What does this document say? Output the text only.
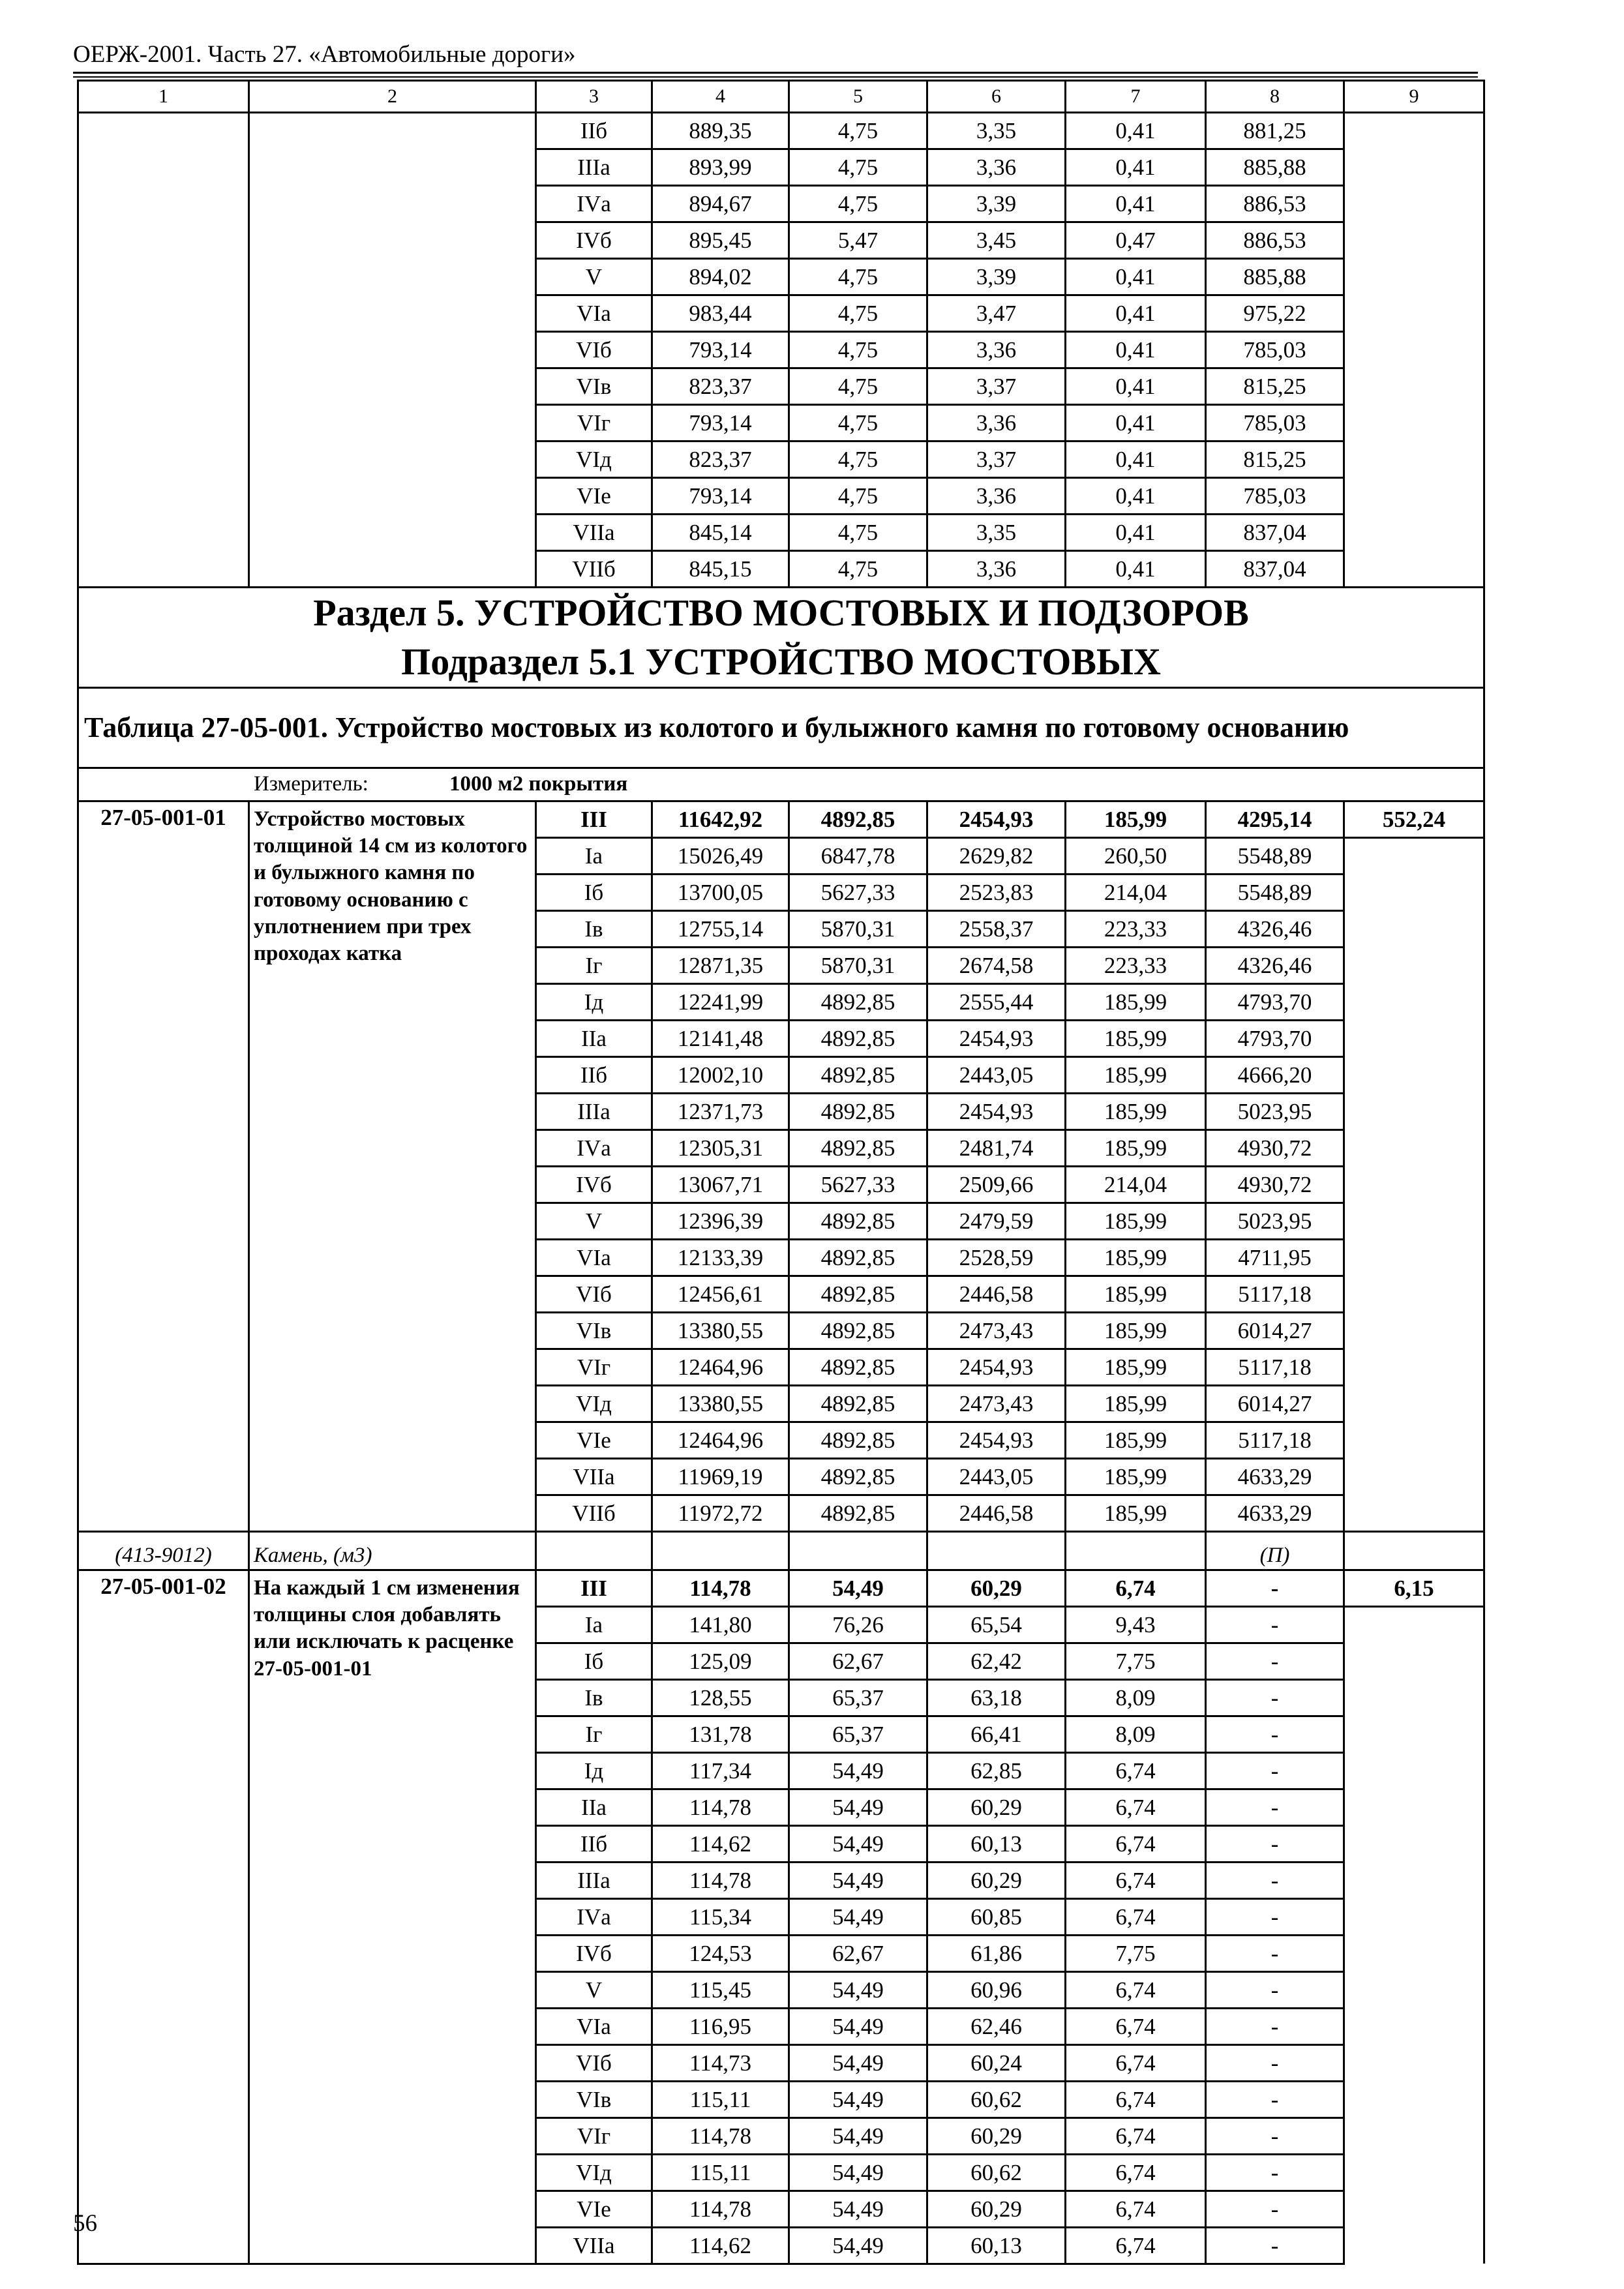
ОЕРЖ-2001. Часть 27. «Автомобильные дороги»
1	2	3	4	5	6	7	8	9
		IIб	889,35	4,75	3,35	0,41	881,25	
		IIIа	893,99	4,75	3,36	0,41	885,88	
		IVа	894,67	4,75	3,39	0,41	886,53	
		IVб	895,45	5,47	3,45	0,47	886,53	
		V	894,02	4,75	3,39	0,41	885,88	
		VIа	983,44	4,75	3,47	0,41	975,22	
		VIб	793,14	4,75	3,36	0,41	785,03	
		VIв	823,37	4,75	3,37	0,41	815,25	
		VIг	793,14	4,75	3,36	0,41	785,03	
		VIд	823,37	4,75	3,37	0,41	815,25	
		VIе	793,14	4,75	3,36	0,41	785,03	
		VIIа	845,14	4,75	3,35	0,41	837,04	
		VIIб	845,15	4,75	3,36	0,41	837,04	

Раздел 5. УСТРОЙСТВО МОСТОВЫХ И ПОДЗОРОВ
Подраздел 5.1 УСТРОЙСТВО МОСТОВЫХ								

Таблица 27-05-001. Устройство мостовых из колотого и булыжного камня по готовому основанию								
Измеритель: 1000 м2 покрытия								
27-05-001-01	Устройство мостовых толщиной 14 см из колотого и булыжного камня по готовому основанию с уплотнением при трех проходах катка	III	11642,92	4892,85	2454,93	185,99	4295,14	552,24
		Iа	15026,49	6847,78	2629,82	260,50	5548,89	
		Iб	13700,05	5627,33	2523,83	214,04	5548,89	
		Iв	12755,14	5870,31	2558,37	223,33	4326,46	
		Iг	12871,35	5870,31	2674,58	223,33	4326,46	
		Iд	12241,99	4892,85	2555,44	185,99	4793,70	
		IIа	12141,48	4892,85	2454,93	185,99	4793,70	
		IIб	12002,10	4892,85	2443,05	185,99	4666,20	
		IIIа	12371,73	4892,85	2454,93	185,99	5023,95	
		IVа	12305,31	4892,85	2481,74	185,99	4930,72	
		IVб	13067,71	5627,33	2509,66	214,04	4930,72	
		V	12396,39	4892,85	2479,59	185,99	5023,95	
		VIа	12133,39	4892,85	2528,59	185,99	4711,95	
		VIб	12456,61	4892,85	2446,58	185,99	5117,18	
		VIв	13380,55	4892,85	2473,43	185,99	6014,27	
		VIг	12464,96	4892,85	2454,93	185,99	5117,18	
		VIд	13380,55	4892,85	2473,43	185,99	6014,27	
		VIе	12464,96	4892,85	2454,93	185,99	5117,18	
		VIIа	11969,19	4892,85	2443,05	185,99	4633,29	
		VIIб	11972,72	4892,85	2446,58	185,99	4633,29	
(413-9012)	Камень, (м3)						(П)	
27-05-001-02	На каждый 1 см изменения толщины слоя добавлять или исключать к расценке 27-05-001-01	III	114,78	54,49	60,29	6,74	-	6,15
		Iа	141,80	76,26	65,54	9,43	-	
		Iб	125,09	62,67	62,42	7,75	-	
		Iв	128,55	65,37	63,18	8,09	-	
		Iг	131,78	65,37	66,41	8,09	-	
		Iд	117,34	54,49	62,85	6,74	-	
		IIа	114,78	54,49	60,29	6,74	-	
		IIб	114,62	54,49	60,13	6,74	-	
		IIIа	114,78	54,49	60,29	6,74	-	
		IVа	115,34	54,49	60,85	6,74	-	
		IVб	124,53	62,67	61,86	7,75	-	
		V	115,45	54,49	60,96	6,74	-	
		VIа	116,95	54,49	62,46	6,74	-	
		VIб	114,73	54,49	60,24	6,74	-	
		VIв	115,11	54,49	60,62	6,74	-	
		VIг	114,78	54,49	60,29	6,74	-	
		VIд	115,11	54,49	60,62	6,74	-	
		VIе	114,78	54,49	60,29	6,74	-	
		VIIа	114,62	54,49	60,13	6,74	-	
56
